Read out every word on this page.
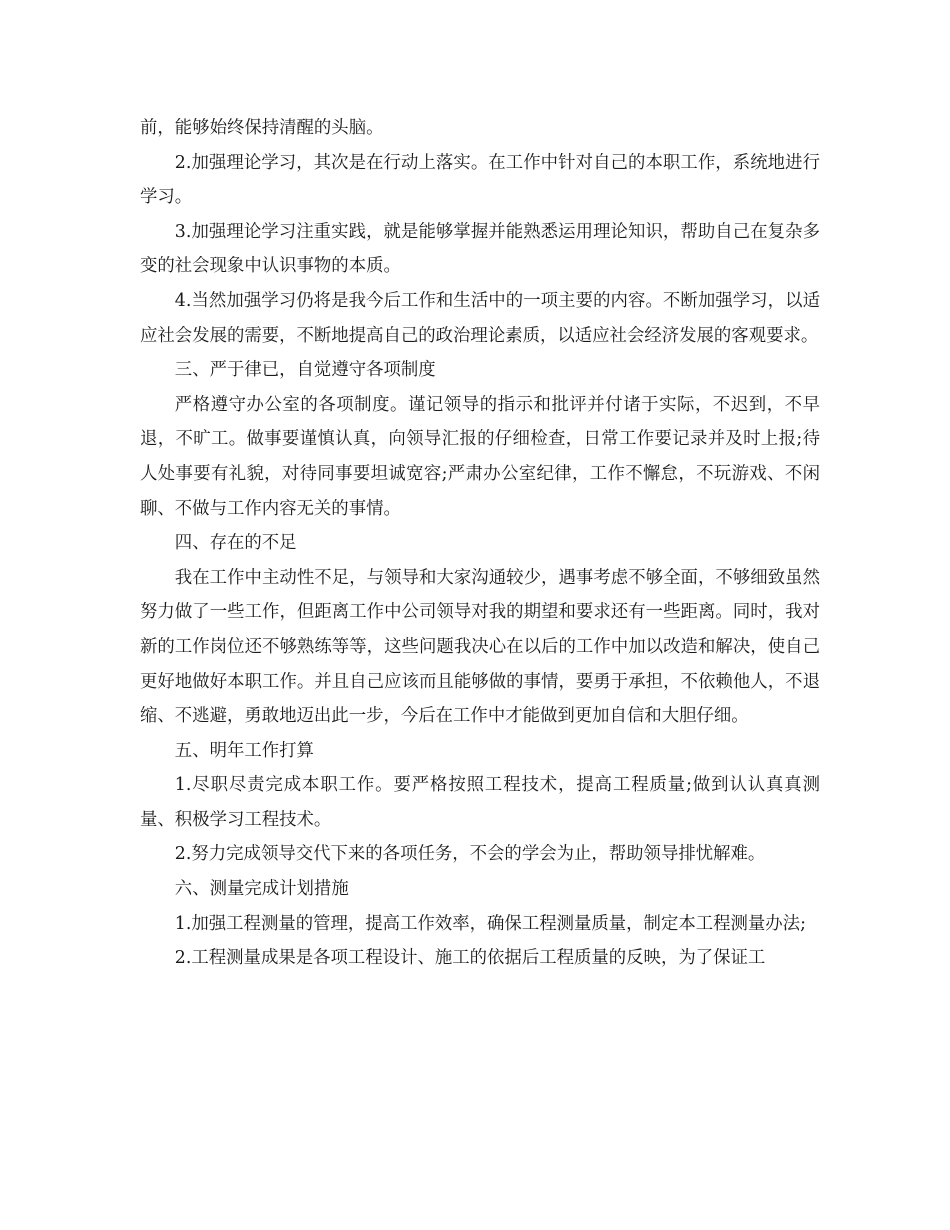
前，能够始终保持清醒的头脑。

2.加强理论学习，其次是在行动上落实。在工作中针对自己的本职工作，系统地进行学习。

3.加强理论学习注重实践，就是能够掌握并能熟悉运用理论知识，帮助自己在复杂多变的社会现象中认识事物的本质。

4.当然加强学习仍将是我今后工作和生活中的一项主要的内容。不断加强学习，以适应社会发展的需要，不断地提高自己的政治理论素质，以适应社会经济发展的客观要求。

三、严于律已，自觉遵守各项制度

严格遵守办公室的各项制度。谨记领导的指示和批评并付诸于实际，不迟到，不早退，不旷工。做事要谨慎认真，向领导汇报的仔细检查，日常工作要记录并及时上报;待人处事要有礼貌，对待同事要坦诚宽容;严肃办公室纪律，工作不懈怠，不玩游戏、不闲聊、不做与工作内容无关的事情。

四、存在的不足

我在工作中主动性不足，与领导和大家沟通较少，遇事考虑不够全面，不够细致虽然努力做了一些工作，但距离工作中公司领导对我的期望和要求还有一些距离。同时，我对新的工作岗位还不够熟练等等，这些问题我决心在以后的工作中加以改造和解决，使自己更好地做好本职工作。并且自己应该而且能够做的事情，要勇于承担，不依赖他人，不退缩、不逃避，勇敢地迈出此一步，今后在工作中才能做到更加自信和大胆仔细。

五、明年工作打算

1.尽职尽责完成本职工作。要严格按照工程技术，提高工程质量;做到认认真真测量、积极学习工程技术。

2.努力完成领导交代下来的各项任务，不会的学会为止，帮助领导排忧解难。

六、测量完成计划措施

1.加强工程测量的管理，提高工作效率，确保工程测量质量，制定本工程测量办法;

2.工程测量成果是各项工程设计、施工的依据后工程质量的反映，为了保证工
